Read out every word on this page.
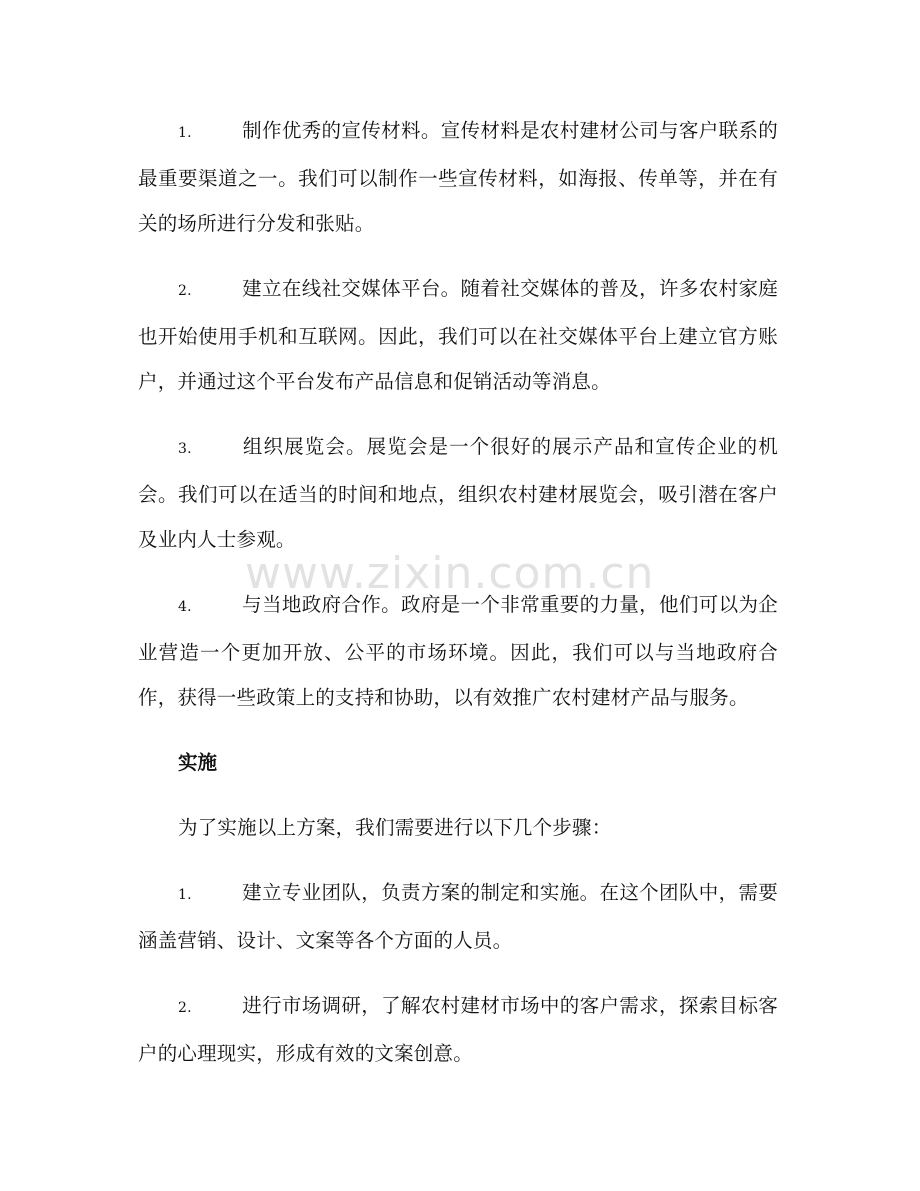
1.	制作优秀的宣传材料。宣传材料是农村建材公司与客户联系的最重要渠道之一。我们可以制作一些宣传材料，如海报、传单等，并在有关的场所进行分发和张贴。

2.	建立在线社交媒体平台。随着社交媒体的普及，许多农村家庭也开始使用手机和互联网。因此，我们可以在社交媒体平台上建立官方账户，并通过这个平台发布产品信息和促销活动等消息。

3.	组织展览会。展览会是一个很好的展示产品和宣传企业的机会。我们可以在适当的时间和地点，组织农村建材展览会，吸引潜在客户及业内人士参观。

4.	与当地政府合作。政府是一个非常重要的力量，他们可以为企业营造一个更加开放、公平的市场环境。因此，我们可以与当地政府合作，获得一些政策上的支持和协助，以有效推广农村建材产品与服务。

实施

为了实施以上方案，我们需要进行以下几个步骤：

1.	建立专业团队，负责方案的制定和实施。在这个团队中，需要涵盖营销、设计、文案等各个方面的人员。

2.	进行市场调研，了解农村建材市场中的客户需求，探索目标客户的心理现实，形成有效的文案创意。

www.zixin.com.cn
